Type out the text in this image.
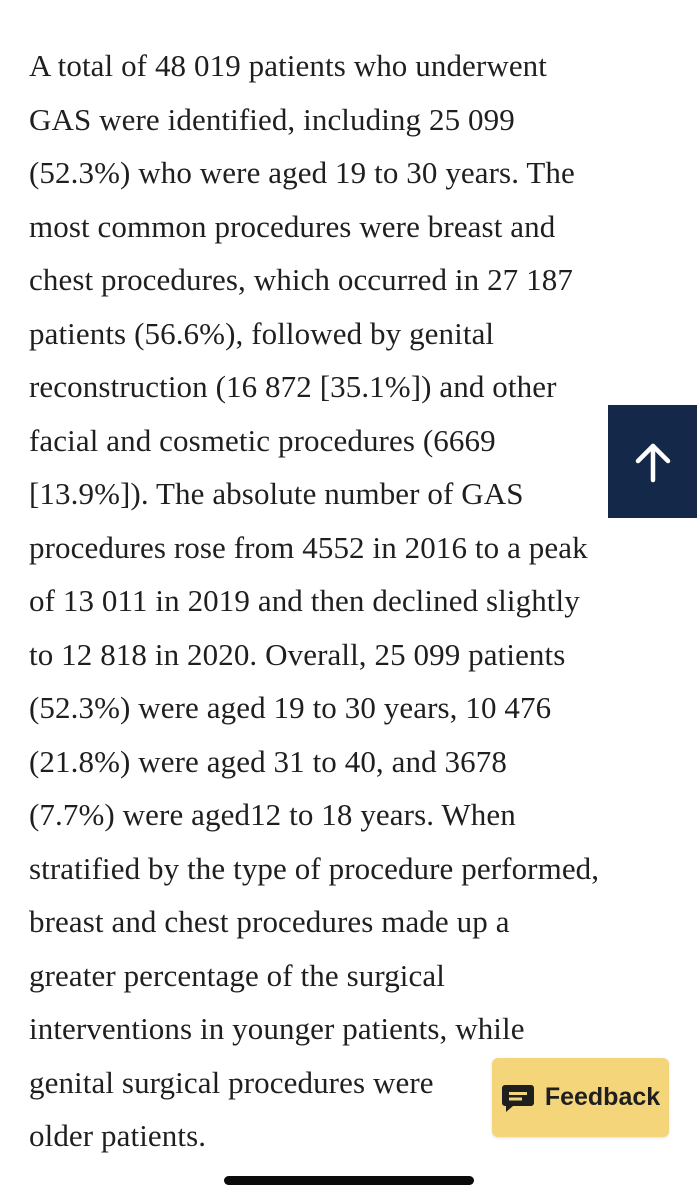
A total of 48 019 patients who underwent
GAS were identified, including 25 099
(52.3%) who were aged 19 to 30 years. The
most common procedures were breast and
chest procedures, which occurred in 27 187
patients (56.6%), followed by genital
reconstruction (16 872 [35.1%]) and other
facial and cosmetic procedures (6669
[13.9%]). The absolute number of GAS
procedures rose from 4552 in 2016 to a peak
of 13 011 in 2019 and then declined slightly
to 12 818 in 2020. Overall, 25 099 patients
(52.3%) were aged 19 to 30 years, 10 476
(21.8%) were aged 31 to 40, and 3678
(7.7%) were aged12 to 18 years. When
stratified by the type of procedure performed,
breast and chest procedures made up a
greater percentage of the surgical
interventions in younger patients, while
genital surgical procedures were
older patients.
Feedback
